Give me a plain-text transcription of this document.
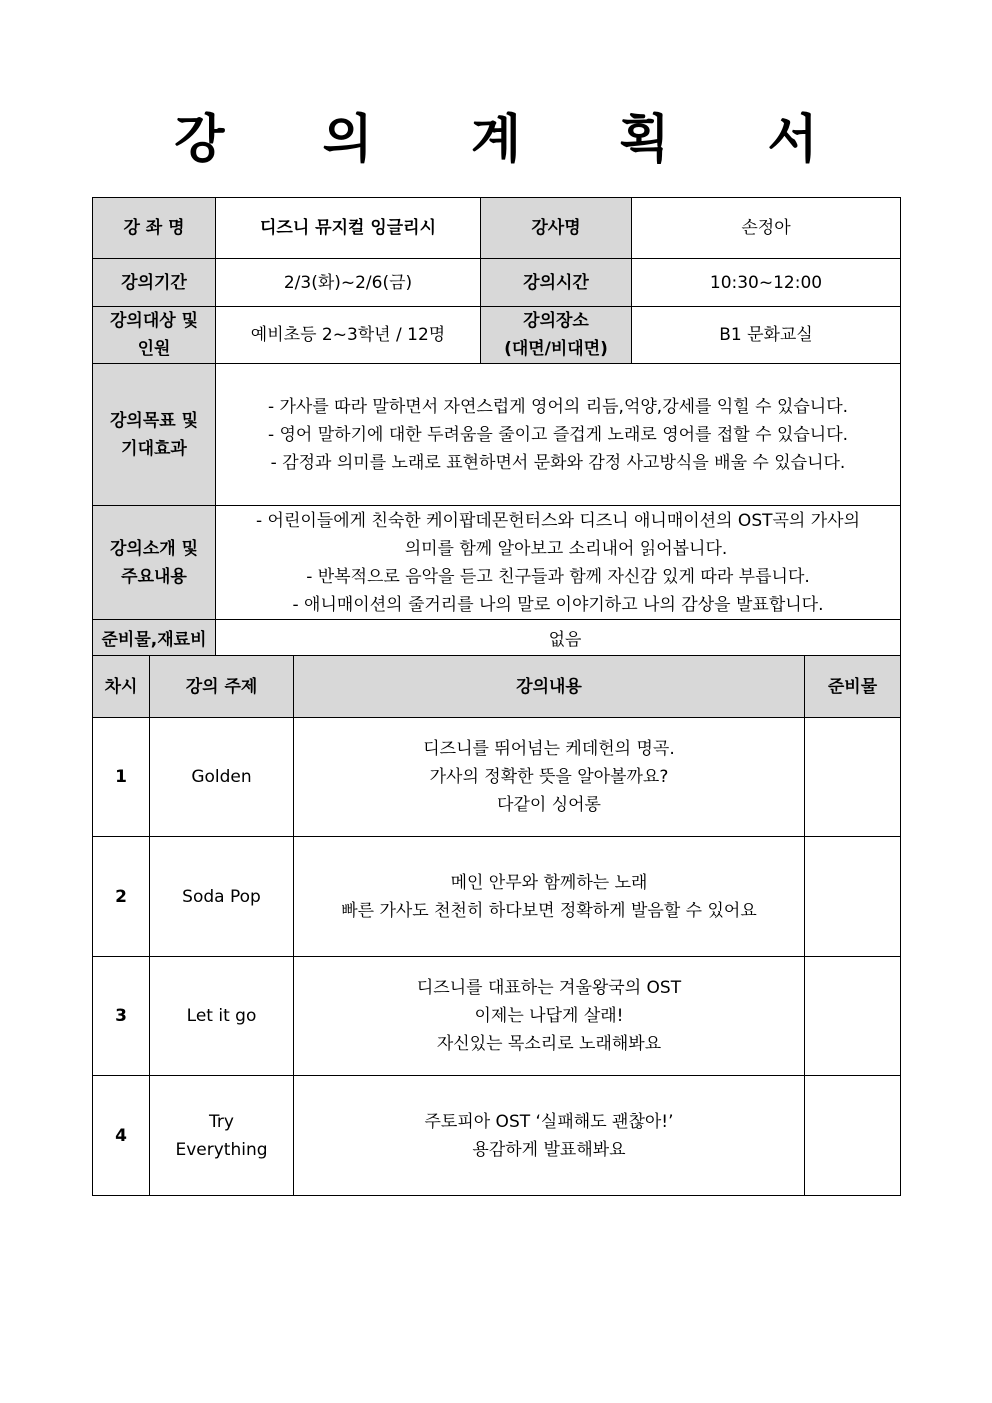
강 의 계 획 서
강 좌 명	디즈니 뮤지컬 잉글리시	강사명	손정아
강의기간	2/3(화)~2/6(금)	강의시간	10:30~12:00

강의대상 및
인원	예비초등 2~3학년 / 12명	강의장소
(대면/비대면)	B1 문화교실

강의목표 및
기대효과	- 가사를 따라 말하면서 자연스럽게 영어의 리듬,억양,강세를 익힐 수 있습니다.
- 영어 말하기에 대한 두려움을 줄이고 즐겁게 노래로 영어를 접할 수 있습니다.
- 감정과 의미를 노래로 표현하면서 문화와 감정 사고방식을 배울 수 있습니다.		

강의소개 및
주요내용	- 어린이들에게 친숙한 케이팝데몬헌터스와 디즈니 애니매이션의 OST곡의 가사의
의미를 함께 알아보고 소리내어 읽어봅니다.
- 반복적으로 음악을 듣고 친구들과 함께 자신감 있게 따라 부릅니다.
- 애니매이션의 줄거리를 나의 말로 이야기하고 나의 감상을 발표합니다.		

준비물,재료비	없음		
차시	강의 주제	강의내용	준비물
1	Golden	디즈니를 뛰어넘는 케데헌의 명곡.
가사의 정확한 뜻을 알아볼까요?
다같이 싱어롱	

2	Soda Pop	메인 안무와 함께하는 노래
빠른 가사도 천천히 하다보면 정확하게 발음할 수 있어요	

3	Let it go	디즈니를 대표하는 겨울왕국의 OST
이제는 나답게 살래!
자신있는 목소리로 노래해봐요	

4	Try
Everything	주토피아 OST ‘실패해도 괜찮아!’
용감하게 발표해봐요	
